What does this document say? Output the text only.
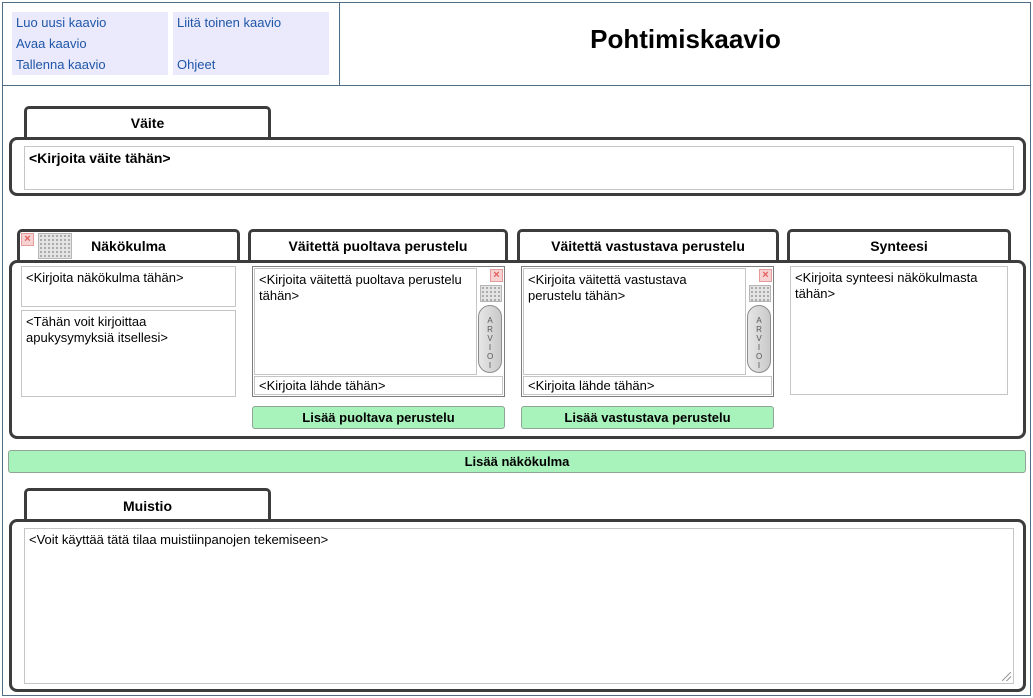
Luo uusi kaavio
Avaa kaavio
Tallenna kaavio
Liitä toinen kaavio
Ohjeet
Pohtimiskaavio
Väite
<Kirjoita väite tähän>
Näkökulma
×	Väitettä puoltava perustelu	Väitettä vastustava perustelu	Synteesi
<Kirjoita näkökulma tähän>
<Tähän voit kirjoittaa apukysymyksiä itsellesi>
<Kirjoita väitettä puoltava perustelu tähän>
<Kirjoita lähde tähän>
×
ARVIOI
<Kirjoita väitettä vastustava perustelu tähän>
<Kirjoita lähde tähän>
×
ARVIOI
<Kirjoita synteesi näkökulmasta tähän>
Lisää puoltava perustelu	Lisää vastustava perustelu
Lisää näkökulma
Muistio
<Voit käyttää tätä tilaa muistiinpanojen tekemiseen>
